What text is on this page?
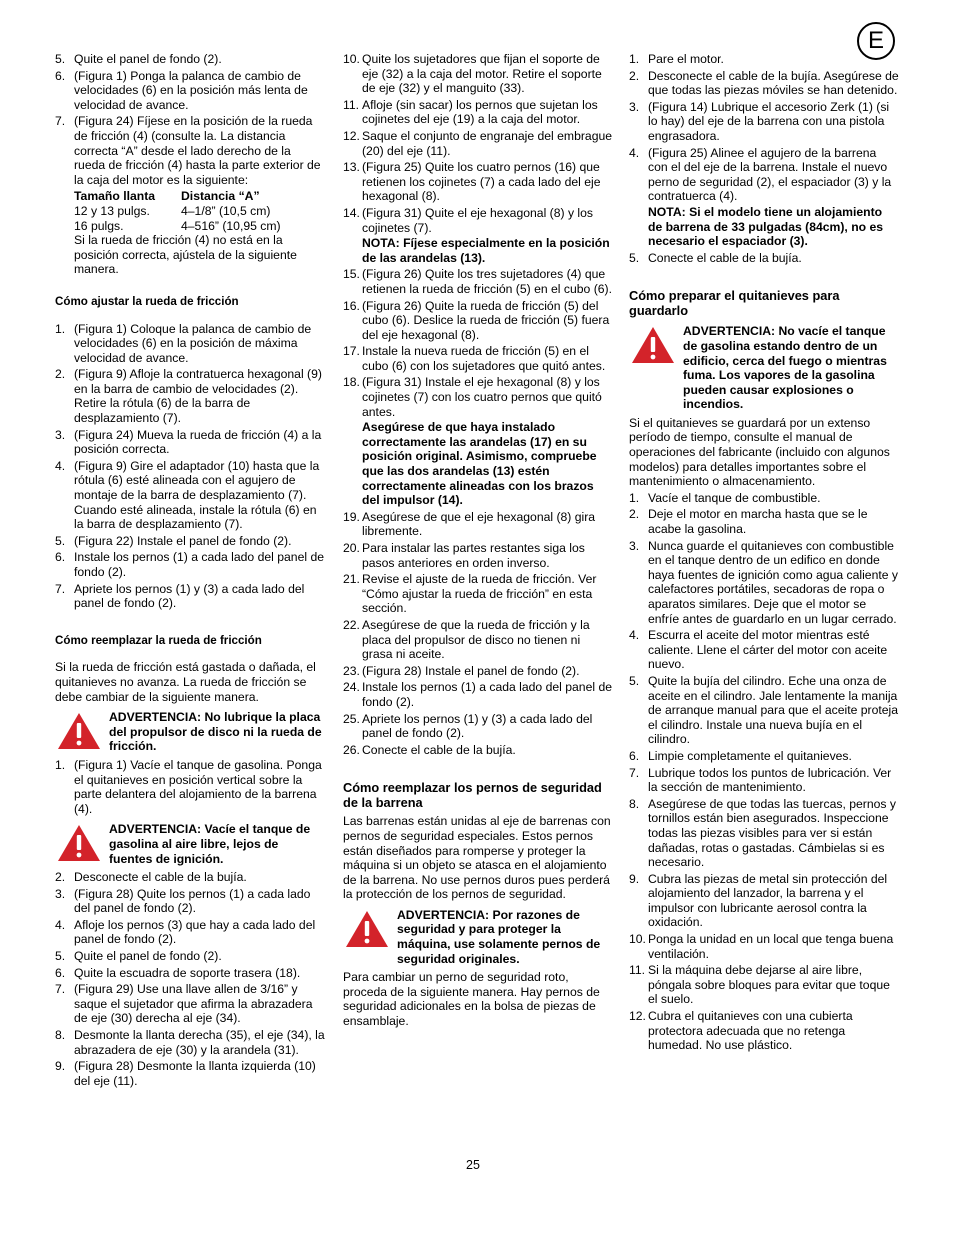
E
5. Quite el panel de fondo (2).
6. (Figura 1) Ponga la palanca de cambio de velocidades (6) en la posición más lenta de velocidad de avance.
7. (Figura 24) Fíjese en la posición de la rueda de fricción (4) (consulte la. La distancia correcta “A” desde el lado derecho de la rueda de fricción (4) hasta la parte exterior de la caja del motor es la siguiente:
Tamaño llanta	Distancia “A”
12 y 13 pulgs.	4–1/8” (10,5 cm)
16 pulgs.	4–516” (10,95 cm)
Si la rueda de fricción (4) no está en la posición correcta, ajústela de la siguiente manera.
Cómo ajustar la rueda de fricción
1. (Figura 1) Coloque la palanca de cambio de velocidades (6) en la posición de máxima velocidad de avance.
2. (Figura 9) Afloje la contratuerca hexagonal (9) en la barra de cambio de velocidades (2). Retire la rótula (6) de la barra de desplazamiento (7).
3. (Figura 24) Mueva la rueda de fricción (4) a la posición correcta.
4. (Figura 9) Gire el adaptador (10) hasta que la rótula (6) esté alineada con el agujero de montaje de la barra de desplazamiento (7). Cuando esté alineada, instale la rótula (6) en la barra de desplazamiento (7).
5. (Figura 22) Instale el panel de fondo (2).
6. Instale los pernos (1) a cada lado del panel de fondo (2).
7. Apriete los pernos (1) y (3) a cada lado del panel de fondo (2).
Cómo reemplazar la rueda de fricción
Si la rueda de fricción está gastada o dañada, el quitanieves no avanza. La rueda de fricción se debe cambiar de la siguiente manera.
ADVERTENCIA: No lubrique la placa del propulsor de disco ni la rueda de fricción.
1. (Figura 1) Vacíe el tanque de gasolina. Ponga el quitanieves en posición vertical sobre la parte delantera del alojamiento de la barrena (4).
ADVERTENCIA: Vacíe el tanque de gasolina al aire libre, lejos de fuentes de ignición.
2. Desconecte el cable de la bujía.
3. (Figura 28) Quite los pernos (1) a cada lado del panel de fondo (2).
4. Afloje los pernos (3) que hay a cada lado del panel de fondo (2).
5. Quite el panel de fondo (2).
6. Quite la escuadra de soporte trasera (18).
7. (Figura 29) Use una llave allen de 3/16” y saque el sujetador que afirma la abrazadera de eje (30) derecha al eje (34).
8. Desmonte la llanta derecha (35), el eje (34), la abrazadera de eje (30) y la arandela (31).
9. (Figura 28) Desmonte la llanta izquierda (10) del eje (11).
10. Quite los sujetadores que fijan el soporte de eje (32) a la caja del motor. Retire el soporte de eje (32) y el manguito (33).
11. Afloje (sin sacar) los pernos que sujetan los cojinetes del eje (19) a la caja del motor.
12. Saque el conjunto de engranaje del embrague (20) del eje (11).
13. (Figura 25) Quite los cuatro pernos (16) que retienen los cojinetes (7) a cada lado del eje hexagonal (8).
14. (Figura 31) Quite el eje hexagonal (8) y los cojinetes (7).
NOTA: Fíjese especialmente en la posición de las arandelas (13).
15. (Figura 26) Quite los tres sujetadores (4) que retienen la rueda de fricción (5) en el cubo (6).
16. (Figura 26) Quite la rueda de fricción (5) del cubo (6). Deslice la rueda de fricción (5) fuera del eje hexagonal (8).
17. Instale la nueva rueda de fricción (5) en el cubo (6) con los sujetadores que quitó antes.
18. (Figura 31) Instale el eje hexagonal (8) y los cojinetes (7) con los cuatro pernos que quitó antes.
Asegúrese de que haya instalado correctamente las arandelas (17) en su posición original. Asimismo, compruebe que las dos arandelas (13) estén correctamente alineadas con los brazos del impulsor (14).
19. Asegúrese de que el eje hexagonal (8) gira libremente.
20. Para instalar las partes restantes siga los pasos anteriores en orden inverso.
21. Revise el ajuste de la rueda de fricción. Ver “Cómo ajustar la rueda de fricción” en esta sección.
22. Asegúrese de que la rueda de fricción y la placa del propulsor de disco no tienen ni grasa ni aceite.
23. (Figura 28) Instale el panel de fondo (2).
24. Instale los pernos (1) a cada lado del panel de fondo (2).
25. Apriete los pernos (1) y (3) a cada lado del panel de fondo (2).
26. Conecte el cable de la bujía.
Cómo reemplazar los pernos de seguridad de la barrena
Las barrenas están unidas al eje de barrenas con pernos de seguridad especiales. Estos pernos están diseñados para romperse y proteger la máquina si un objeto se atasca en el alojamiento de la barrena. No use pernos duros pues perderá la protección de los pernos de seguridad.
ADVERTENCIA: Por razones de seguridad y para proteger la máquina, use solamente pernos de seguridad originales.
Para cambiar un perno de seguridad roto, proceda de la siguiente manera. Hay pernos de seguridad adicionales en la bolsa de piezas de ensamblaje.
1. Pare el motor.
2. Desconecte el cable de la bujía. Asegúrese de que todas las piezas móviles se han detenido.
3. (Figura 14) Lubrique el accesorio Zerk (1) (si lo hay) del eje de la barrena con una pistola engrasadora.
4. (Figura 25) Alinee el agujero de la barrena con el del eje de la barrena. Instale el nuevo perno de seguridad (2), el espaciador (3) y la contratuerca (4).
NOTA: Si el modelo tiene un alojamiento de barrena de 33 pulgadas (84cm), no es necesario el espaciador (3).
5. Conecte el cable de la bujía.
Cómo preparar el quitanieves para guardarlo
ADVERTENCIA: No vacíe el tanque de gasolina estando dentro de un edificio, cerca del fuego o mientras fuma. Los vapores de la gasolina pueden causar explosiones o incendios.
Si el quitanieves se guardará por un extenso período de tiempo, consulte el manual de operaciones del fabricante (incluido con algunos modelos) para detalles importantes sobre el mantenimiento o almacenamiento.
1. Vacíe el tanque de combustible.
2. Deje el motor en marcha hasta que se le acabe la gasolina.
3. Nunca guarde el quitanieves con combustible en el tanque dentro de un edifico en donde haya fuentes de ignición como agua caliente y calefactores portátiles, secadoras de ropa o aparatos similares. Deje que el motor se enfríe antes de guardarlo en un lugar cerrado.
4. Escurra el aceite del motor mientras esté caliente. Llene el cárter del motor con aceite nuevo.
5. Quite la bujía del cilindro. Eche una onza de aceite en el cilindro. Jale lentamente la manija de arranque manual para que el aceite proteja el cilindro. Instale una nueva bujía en el cilindro.
6. Limpie completamente el quitanieves.
7. Lubrique todos los puntos de lubricación. Ver la sección de mantenimiento.
8. Asegúrese de que todas las tuercas, pernos y tornillos están bien asegurados. Inspeccione todas las piezas visibles para ver si están dañadas, rotas o gastadas. Cámbielas si es necesario.
9. Cubra las piezas de metal sin protección del alojamiento del lanzador, la barrena y el impulsor con lubricante aerosol contra la oxidación.
10. Ponga la unidad en un local que tenga buena ventilación.
11. Si la máquina debe dejarse al aire libre, póngala sobre bloques para evitar que toque el suelo.
12. Cubra el quitanieves con una cubierta protectora adecuada que no retenga humedad. No use plástico.
25
